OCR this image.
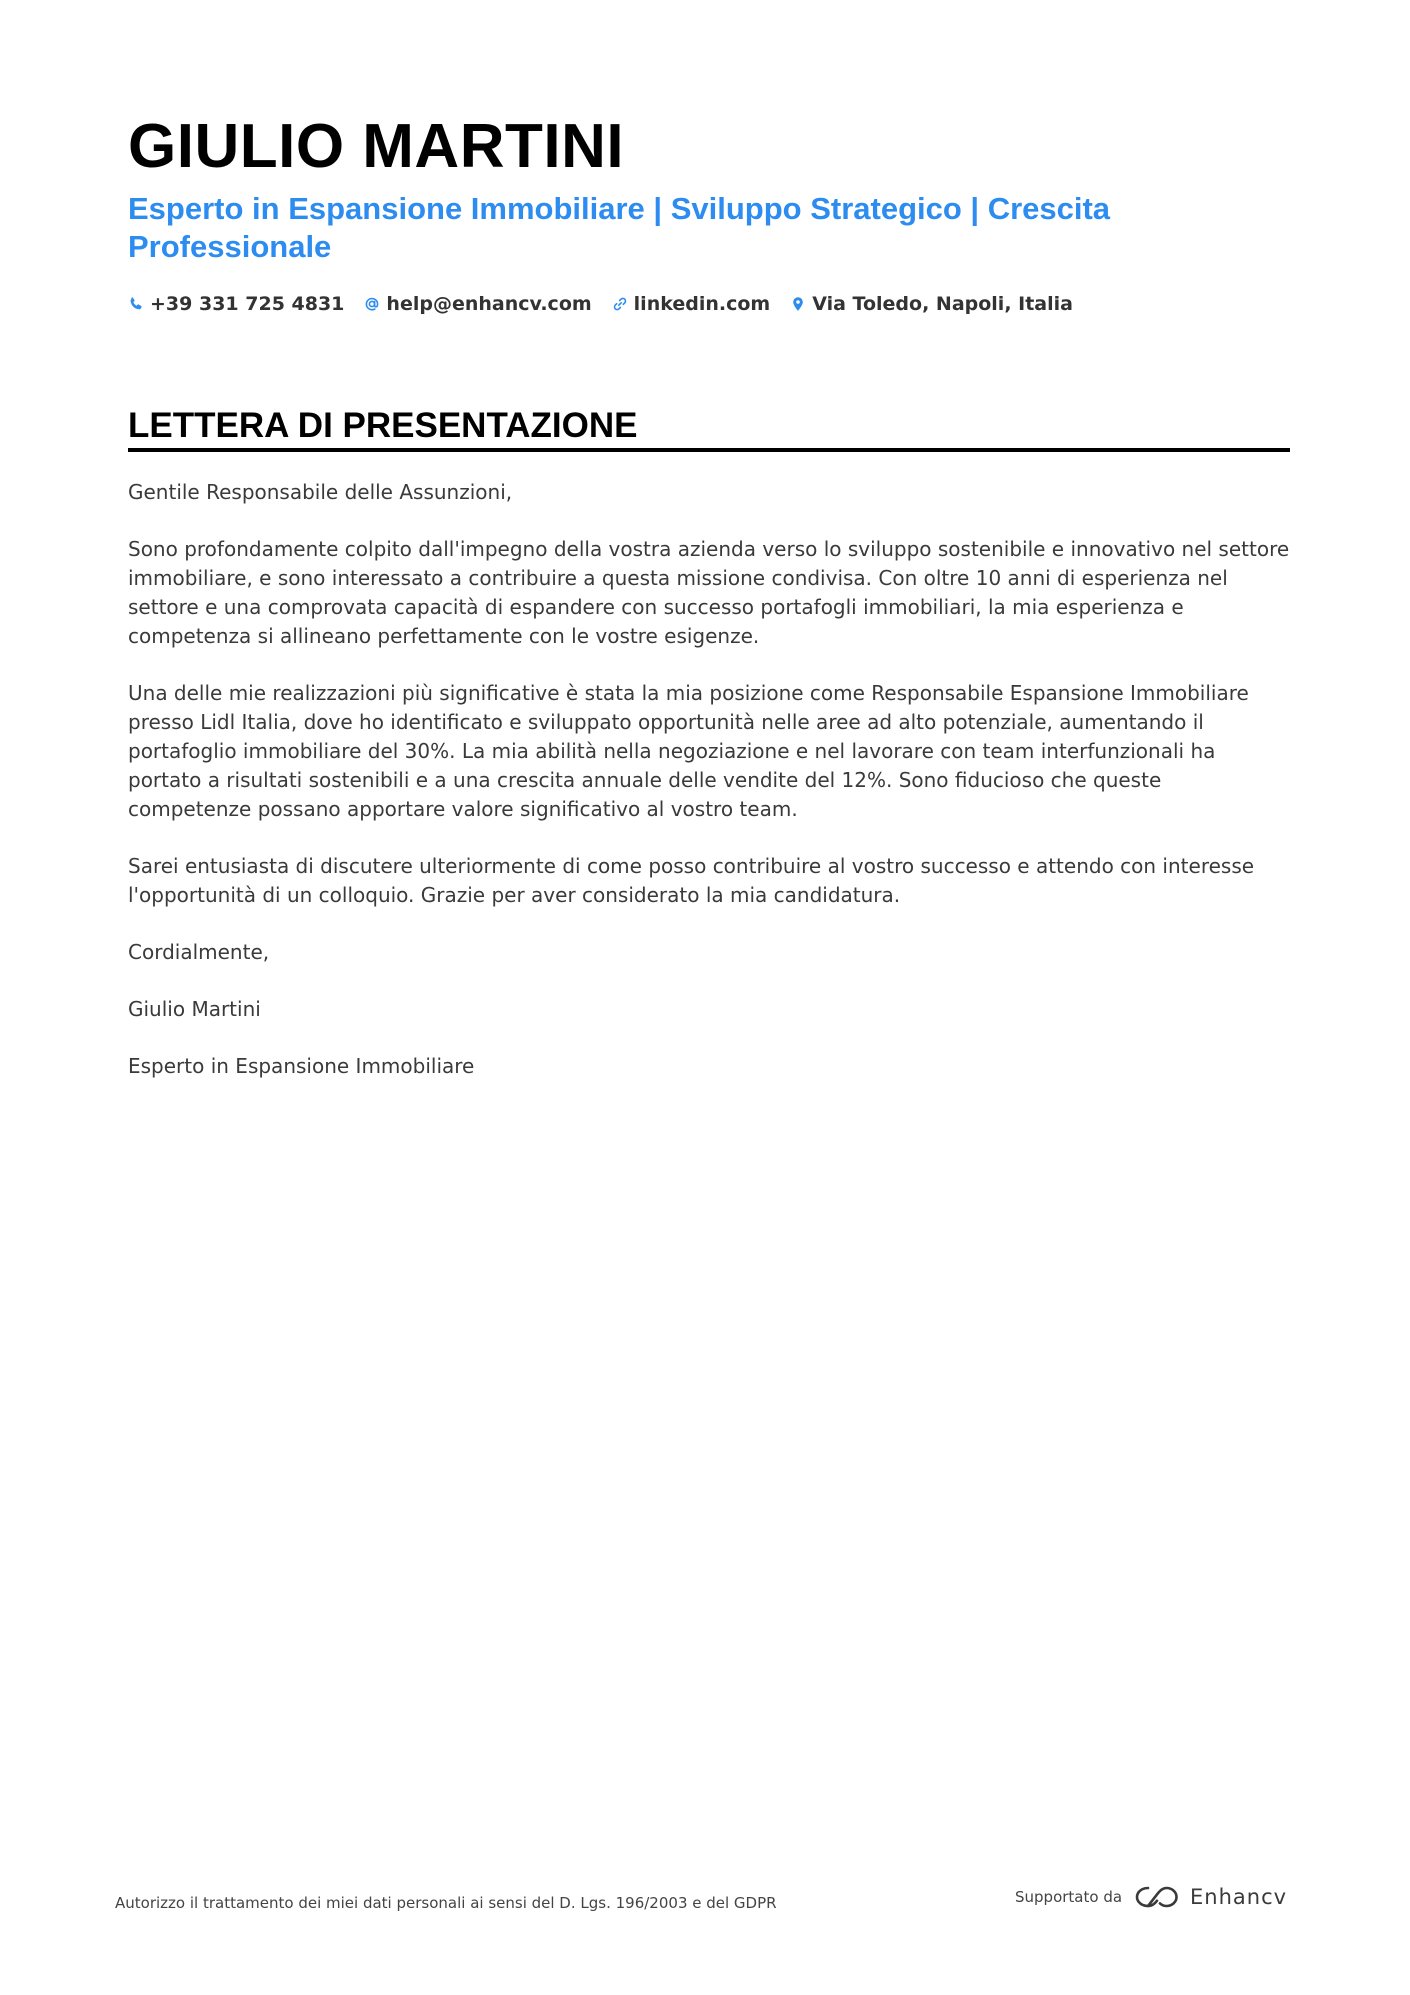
GIULIO MARTINI
Esperto in Espansione Immobiliare | Sviluppo Strategico | Crescita Professionale
+39 331 725 4831 help@enhancv.com linkedin.com Via Toledo, Napoli, Italia
LETTERA DI PRESENTAZIONE

Gentile Responsabile delle Assunzioni,

Sono profondamente colpito dall'impegno della vostra azienda verso lo sviluppo sostenibile e innovativo nel settore immobiliare, e sono interessato a contribuire a questa missione condivisa. Con oltre 10 anni di esperienza nel settore e una comprovata capacità di espandere con successo portafogli immobiliari, la mia esperienza e competenza si allineano perfettamente con le vostre esigenze.

Una delle mie realizzazioni più significative è stata la mia posizione come Responsabile Espansione Immobiliare presso Lidl Italia, dove ho identificato e sviluppato opportunità nelle aree ad alto potenziale, aumentando il portafoglio immobiliare del 30%. La mia abilità nella negoziazione e nel lavorare con team interfunzionali ha portato a risultati sostenibili e a una crescita annuale delle vendite del 12%. Sono fiducioso che queste competenze possano apportare valore significativo al vostro team.

Sarei entusiasta di discutere ulteriormente di come posso contribuire al vostro successo e attendo con interesse l'opportunità di un colloquio. Grazie per aver considerato la mia candidatura.

Cordialmente,

Giulio Martini

Esperto in Espansione Immobiliare

Autorizzo il trattamento dei miei dati personali ai sensi del D. Lgs. 196/2003 e del GDPR	Supportato da	Enhancv
